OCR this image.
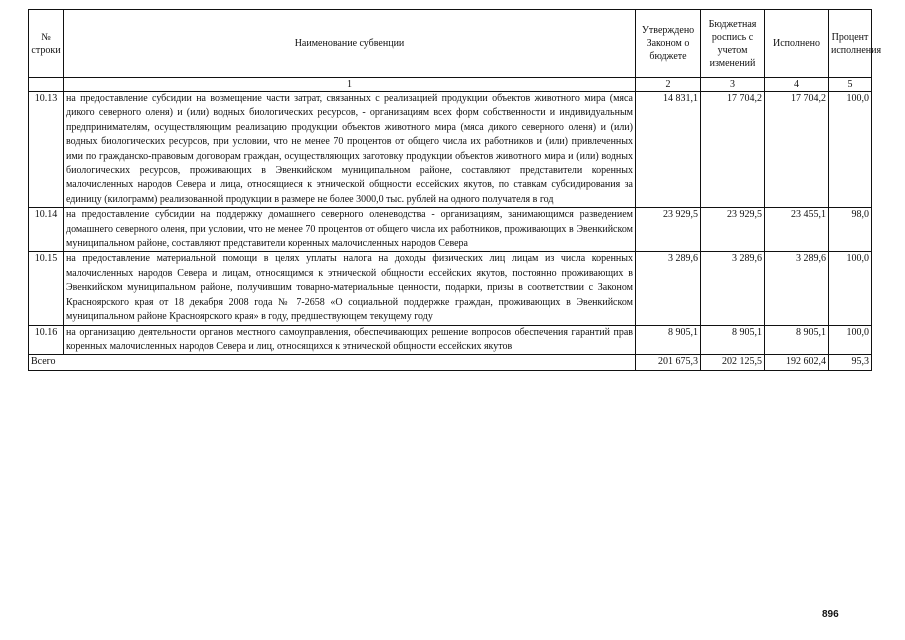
№ строки	Наименование субвенции	Утверждено Законом о бюджете	Бюджетная роспись с учетом изменений	Исполнено	Процент исполнения
	1	2	3	4	5
10.13	на предоставление субсидии на возмещение части затрат, связанных с реализацией продукции объектов животного мира (мяса дикого северного оленя) и (или) водных биологических ресурсов, - организациям всех форм собственности и индивидуальным предпринимателям, осуществляющим реализацию продукции объектов животного мира (мяса дикого северного оленя) и (или) водных биологических ресурсов, при условии, что не менее 70 процентов от общего числа их работников и (или) привлеченных ими по гражданско-правовым договорам граждан, осуществляющих заготовку продукции объектов животного мира и (или) водных биологических ресурсов, проживающих в Эвенкийском муниципальном районе, составляют представители коренных малочисленных народов Севера и лица, относящиеся к этнической общности ессейских якутов, по ставкам субсидирования за единицу (килограмм) реализованной продукции в размере не более 3000,0 тыс. рублей на одного получателя в год	14 831,1	17 704,2	17 704,2	100,0
10.14	на предоставление субсидии на поддержку домашнего северного оленеводства - организациям, занимающимся разведением домашнего северного оленя, при условии, что не менее 70 процентов от общего числа их работников, проживающих в Эвенкийском муниципальном районе, составляют представители коренных малочисленных народов Севера	23 929,5	23 929,5	23 455,1	98,0
10.15	на предоставление материальной помощи в целях уплаты налога на доходы физических лиц лицам из числа коренных малочисленных народов Севера и лицам, относящимся к этнической общности ессейских якутов, постоянно проживающих в Эвенкийском муниципальном районе, получившим товарно-материальные ценности, подарки, призы в соответствии с Законом Красноярского края от 18 декабря 2008 года № 7-2658 «О социальной поддержке граждан, проживающих в Эвенкийском муниципальном районе Красноярского края» в году, предшествующем текущему году	3 289,6	3 289,6	3 289,6	100,0
10.16	на организацию деятельности органов местного самоуправления, обеспечивающих решение вопросов обеспечения гарантий прав коренных малочисленных народов Севера и лиц, относящихся к этнической общности ессейских якутов	8 905,1	8 905,1	8 905,1	100,0
Всего		201 675,3	202 125,5	192 602,4	95,3
896
